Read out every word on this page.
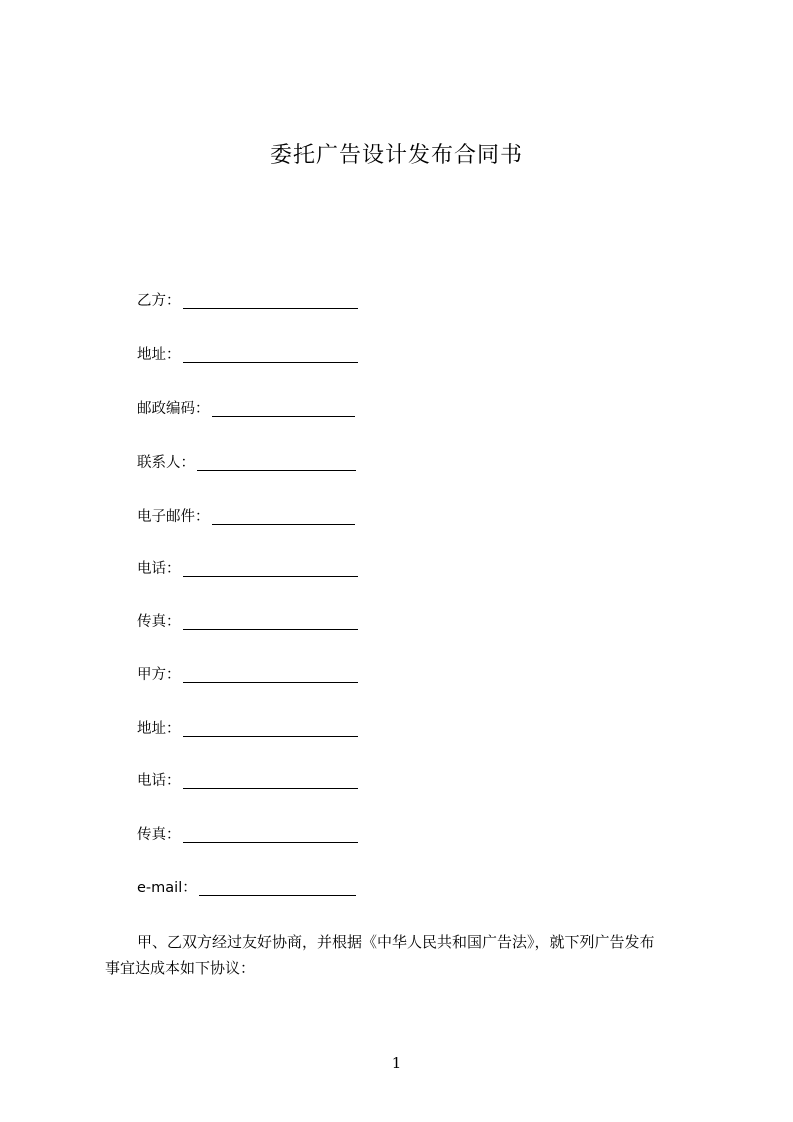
委托广告设计发布合同书
乙方：
地址：
邮政编码：
联系人：
电子邮件：
电话：
传真：
甲方：
地址：
电话：
传真：
e-mail：
甲、乙双方经过友好协商，并根据《中华人民共和国广告法》，就下列广告发布
事宜达成本如下协议：
1
